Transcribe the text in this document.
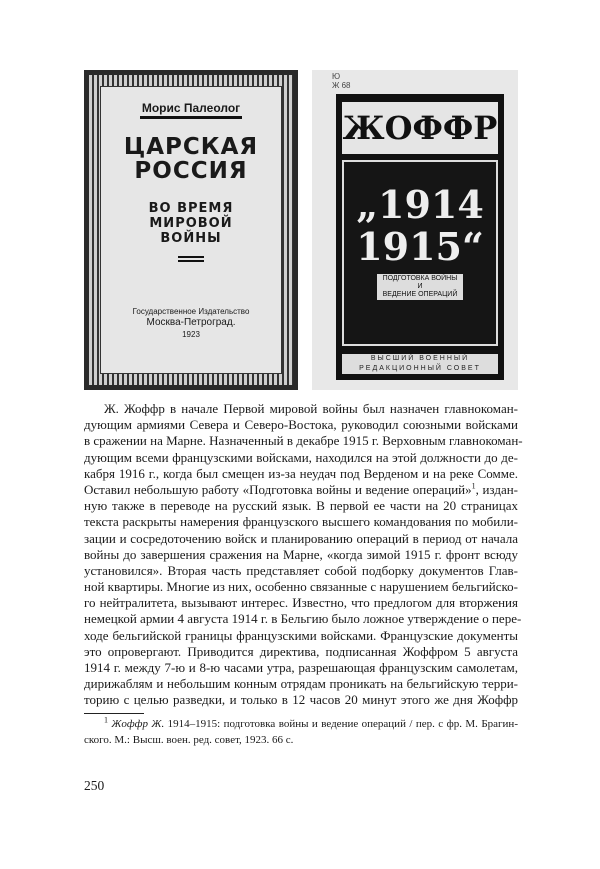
Морис Палеолог
ЦАРСКАЯ
РОССИЯ
ВО ВРЕМЯ
МИРОВОЙ
ВОЙНЫ
Государственное Издательство
Москва-Петроград.
1923
Ю
Ж 68
ЖОФФР
„1914
1915“
ПОДГОТОВКА ВОЙНЫ
И
ВЕДЕНИЕ ОПЕРАЦИЙ
ВЫСШИЙ ВОЕННЫЙ
РЕДАКЦИОННЫЙ СОВЕТ
Ж. Жоффр в начале Первой мировой войны был назначен главнокоман-
дующим армиями Севера и Северо-Востока, руководил союзными войсками
в сражении на Марне. Назначенный в декабре 1915 г. Верховным главнокоман-
дующим всеми французскими войсками, находился на этой должности до де-
кабря 1916 г., когда был смещен из-за неудач под Верденом и на реке Сомме.
Оставил небольшую работу «Подготовка войны и ведение операций»$^1$, издан-
ную также в переводе на русский язык. В первой ее части на 20 страницах
текста раскрыты намерения французского высшего командования по мобили-
зации и сосредоточению войск и планированию операций в период от начала
войны до завершения сражения на Марне, «когда зимой 1915 г. фронт всюду
установился». Вторая часть представляет собой подборку документов Глав-
ной квартиры. Многие из них, особенно связанные с нарушением бельгийско-
го нейтралитета, вызывают интерес. Известно, что предлогом для вторжения
немецкой армии 4 августа 1914 г. в Бельгию было ложное утверждение о пере-
ходе бельгийской границы французскими войсками. Французские документы
это опровергают. Приводится директива, подписанная Жоффром 5 августа
1914 г. между 7-ю и 8-ю часами утра, разрешающая французским самолетам,
дирижаблям и небольшим конным отрядам проникать на бельгийскую терри-
торию с целью разведки, и только в 12 часов 20 минут этого же дня Жоффр
$^1$ Жоффр Ж. 1914–1915: подготовка войны и ведение операций / пер. с фр. М. Брагин-
ского. М.: Высш. воен. ред. совет, 1923. 66 с.
250
